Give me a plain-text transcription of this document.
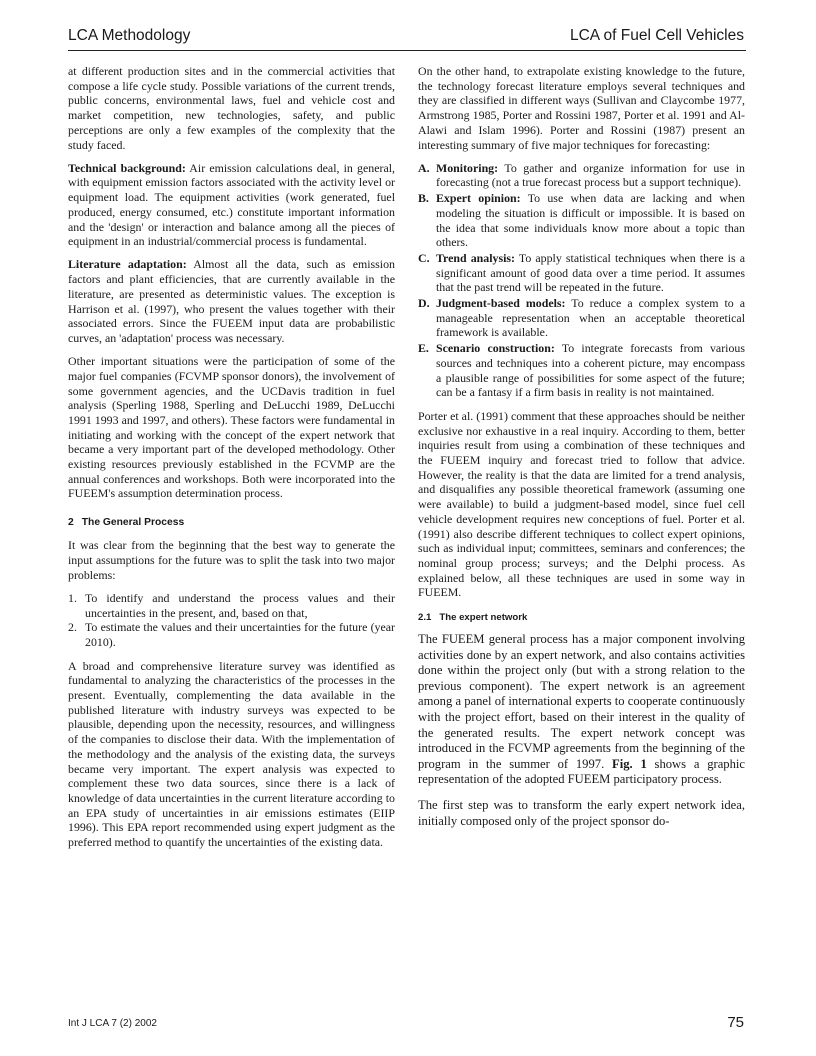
LCA Methodology	LCA of Fuel Cell Vehicles

at different production sites and in the commercial activities that compose a life cycle study. Possible variations of the current trends, public concerns, environmental laws, fuel and vehicle cost and market competition, new technologies, safety, and public perceptions are only a few examples of the complexity that the study faced.

Technical background: Air emission calculations deal, in general, with equipment emission factors associated with the activity level or equipment load. The equipment activities (work generated, fuel produced, energy consumed, etc.) constitute important information and the 'design' or interaction and balance among all the pieces of equipment in an industrial/commercial process is fundamental.

Literature adaptation: Almost all the data, such as emission factors and plant efficiencies, that are currently available in the literature, are presented as deterministic values. The exception is Harrison et al. (1997), who present the values together with their associated errors. Since the FUEEM input data are probabilistic curves, an 'adaptation' process was necessary.

Other important situations were the participation of some of the major fuel companies (FCVMP sponsor donors), the involvement of some government agencies, and the UCDavis tradition in fuel analysis (Sperling 1988, Sperling and DeLucchi 1989, DeLucchi 1991 1993 and 1997, and others). These factors were fundamental in initiating and working with the concept of the expert network that became a very important part of the developed methodology. Other existing resources previously established in the FCVMP are the annual conferences and workshops. Both were incorporated into the FUEEM's assumption determination process.

2 The General Process

It was clear from the beginning that the best way to generate the input assumptions for the future was to split the task into two major problems:

1. To identify and understand the process values and their uncertainties in the present, and, based on that,
2. To estimate the values and their uncertainties for the future (year 2010).

A broad and comprehensive literature survey was identified as fundamental to analyzing the characteristics of the processes in the present. Eventually, complementing the data available in the published literature with industry surveys was expected to be plausible, depending upon the necessity, resources, and willingness of the companies to disclose their data. With the implementation of the methodology and the analysis of the existing data, the surveys became very important. The expert analysis was expected to complement these two data sources, since there is a lack of knowledge of data uncertainties in the current literature according to an EPA study of uncertainties in air emissions estimates (EIIP 1996). This EPA report recommended using expert judgment as the preferred method to quantify the uncertainties of the existing data.

On the other hand, to extrapolate existing knowledge to the future, the technology forecast literature employs several techniques and they are classified in different ways (Sullivan and Claycombe 1977, Armstrong 1985, Porter and Rossini 1987, Porter et al. 1991 and Al-Alawi and Islam 1996). Porter and Rossini (1987) present an interesting summary of five major techniques for forecasting:

A. Monitoring: To gather and organize information for use in forecasting (not a true forecast process but a support technique).
B. Expert opinion: To use when data are lacking and when modeling the situation is difficult or impossible. It is based on the idea that some individuals know more about a topic than others.
C. Trend analysis: To apply statistical techniques when there is a significant amount of good data over a time period. It assumes that the past trend will be repeated in the future.
D. Judgment-based models: To reduce a complex system to a manageable representation when an acceptable theoretical framework is available.
E. Scenario construction: To integrate forecasts from various sources and techniques into a coherent picture, may encompass a plausible range of possibilities for some aspect of the future; can be a fantasy if a firm basis in reality is not maintained.

Porter et al. (1991) comment that these approaches should be neither exclusive nor exhaustive in a real inquiry. According to them, better inquiries result from using a combination of these techniques and the FUEEM inquiry and forecast tried to follow that advice. However, the reality is that the data are limited for a trend analysis, and disqualifies any possible theoretical framework (assuming one were available) to build a judgment-based model, since fuel cell vehicle development requires new conceptions of fuel. Porter et al. (1991) also describe different techniques to collect expert opinions, such as individual input; committees, seminars and conferences; the nominal group process; surveys; and the Delphi process. As explained below, all these techniques are used in some way in FUEEM.

2.1 The expert network

The FUEEM general process has a major component involving activities done by an expert network, and also contains activities done within the project only (but with a strong relation to the previous component). The expert network is an agreement among a panel of international experts to cooperate continuously with the project effort, based on their interest in the quality of the generated results. The expert network concept was introduced in the FCVMP agreements from the beginning of the program in the summer of 1997. Fig. 1 shows a graphic representation of the adopted FUEEM participatory process.

The first step was to transform the early expert network idea, initially composed only of the project sponsor do-

Int J LCA 7 (2) 2002	75
